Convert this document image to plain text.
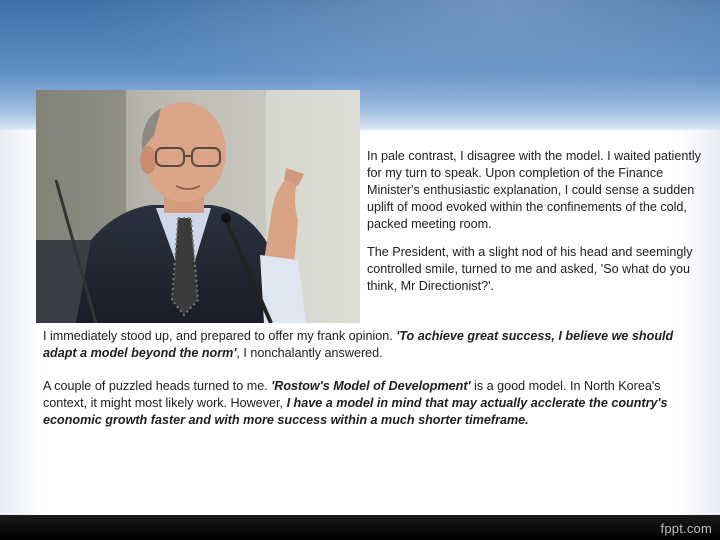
In pale contrast, I disagree with the model. I waited patiently for my turn to speak. Upon completion of the Finance Minister's enthusiastic explanation, I could sense a sudden uplift of mood evoked within the confinements of the cold, packed meeting room.

The President, with a slight nod of his head and seemingly controlled smile, turned to me and asked, 'So what do you think, Mr Directionist?'.

I immediately stood up, and prepared to offer my frank opinion. 'To achieve great success, I believe we should adapt a model beyond the norm', I nonchalantly answered.

A couple of puzzled heads turned to me. 'Rostow's Model of Development' is a good model. In North Korea's context, it might most likely work. However, I have a model in mind that may actually acclerate the country's economic growth faster and with more success within a much shorter timeframe.

fppt.com
